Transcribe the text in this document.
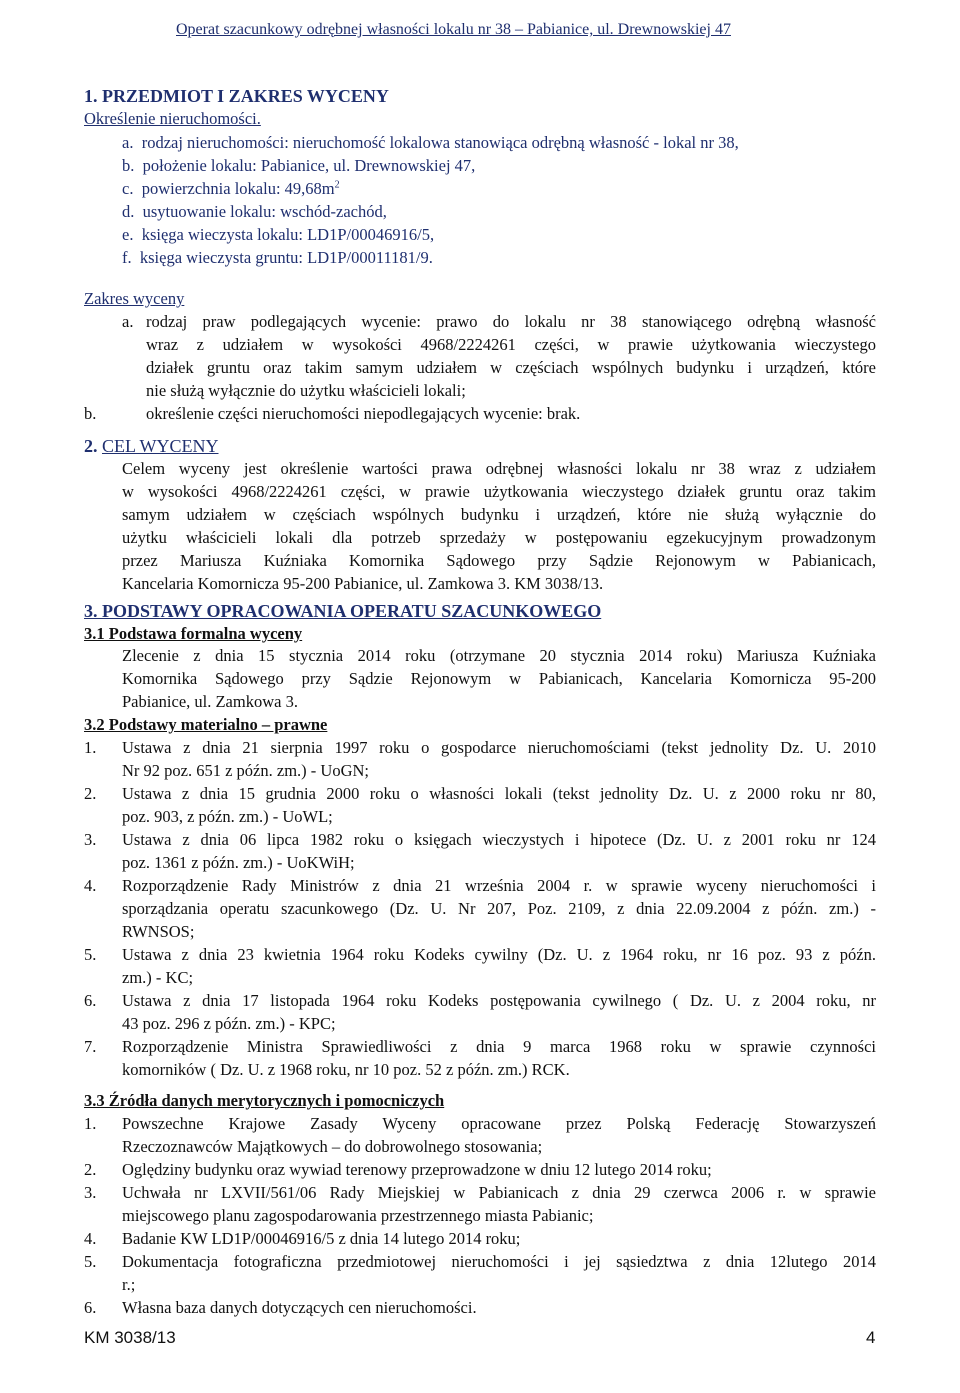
Operat szacunkowy odrębnej własności lokalu nr 38 – Pabianice, ul. Drewnowskiej 47
1. PRZEDMIOT I ZAKRES WYCENY
Określenie nieruchomości.
a. rodzaj nieruchomości: nieruchomość lokalowa stanowiąca odrębną własność - lokal nr 38,
b. położenie lokalu: Pabianice, ul. Drewnowskiej 47,
c. powierzchnia lokalu: $49,68m^2$
d. usytuowanie lokalu: wschód-zachód,
e. księga wieczysta lokalu: LD1P/00046916/5,
f. księga wieczysta gruntu: LD1P/00011181/9.
Zakres wyceny
a. rodzaj praw podlegających wycenie: prawo do lokalu nr 38 stanowiącego odrębną własność
wraz z udziałem w wysokości 4968/2224261 części, w prawie użytkowania wieczystego
działek gruntu oraz takim samym udziałem w częściach wspólnych budynku i urządzeń, które
nie służą wyłącznie do użytku właścicieli lokali;
b.	określenie części nieruchomości niepodlegających wycenie: brak.
2. CEL WYCENY
Celem wyceny jest określenie wartości prawa odrębnej własności lokalu nr 38 wraz z udziałem
w wysokości 4968/2224261 części, w prawie użytkowania wieczystego działek gruntu oraz takim
samym udziałem w częściach wspólnych budynku i urządzeń, które nie służą wyłącznie do
użytku właścicieli lokali dla potrzeb sprzedaży w postępowaniu egzekucyjnym prowadzonym
przez Mariusza Kuźniaka Komornika Sądowego przy Sądzie Rejonowym w Pabianicach,
Kancelaria Komornicza 95-200 Pabianice, ul. Zamkowa 3. KM 3038/13.
3. PODSTAWY OPRACOWANIA OPERATU SZACUNKOWEGO
3.1 Podstawa formalna wyceny
Zlecenie z dnia 15 stycznia 2014 roku (otrzymane 20 stycznia 2014 roku) Mariusza Kuźniaka
Komornika Sądowego przy Sądzie Rejonowym w Pabianicach, Kancelaria Komornicza 95-200
Pabianice, ul. Zamkowa 3.
3.2 Podstawy materialno – prawne
1. Ustawa z dnia 21 sierpnia 1997 roku o gospodarce nieruchomościami (tekst jednolity Dz. U. 2010
Nr 92 poz. 651 z późn. zm.) - UoGN;
2. Ustawa z dnia 15 grudnia 2000 roku o własności lokali (tekst jednolity Dz. U. z 2000 roku nr 80,
poz. 903, z późn. zm.) - UoWL;
3. Ustawa z dnia 06 lipca 1982 roku o księgach wieczystych i hipotece (Dz. U. z 2001 roku nr 124
poz. 1361 z późn. zm.) - UoKWiH;
4. Rozporządzenie Rady Ministrów z dnia 21 września 2004 r. w sprawie wyceny nieruchomości i
sporządzania operatu szacunkowego (Dz. U. Nr 207, Poz. 2109, z dnia 22.09.2004 z późn. zm.) -
RWNSOS;
5. Ustawa z dnia 23 kwietnia 1964 roku Kodeks cywilny (Dz. U. z 1964 roku, nr 16 poz. 93 z późn.
zm.) - KC;
6. Ustawa z dnia 17 listopada 1964 roku Kodeks postępowania cywilnego ( Dz. U. z 2004 roku, nr
43 poz. 296 z późn. zm.) - KPC;
7. Rozporządzenie Ministra Sprawiedliwości z dnia 9 marca 1968 roku w sprawie czynności
komorników ( Dz. U. z 1968 roku, nr 10 poz. 52 z późn. zm.) RCK.
3.3 Źródła danych merytorycznych i pomocniczych
1. Powszechne Krajowe Zasady Wyceny opracowane przez Polską Federację Stowarzyszeń
Rzeczoznawców Majątkowych – do dobrowolnego stosowania;
2. Oględziny budynku oraz wywiad terenowy przeprowadzone w dniu 12 lutego 2014 roku;
3. Uchwała nr LXVII/561/06 Rady Miejskiej w Pabianicach z dnia 29 czerwca 2006 r. w sprawie
miejscowego planu zagospodarowania przestrzennego miasta Pabianic;
4. Badanie KW LD1P/00046916/5 z dnia 14 lutego 2014 roku;
5. Dokumentacja fotograficzna przedmiotowej nieruchomości i jej sąsiedztwa z dnia 12lutego 2014
r.;
6. Własna baza danych dotyczących cen nieruchomości.
KM 3038/13	4
